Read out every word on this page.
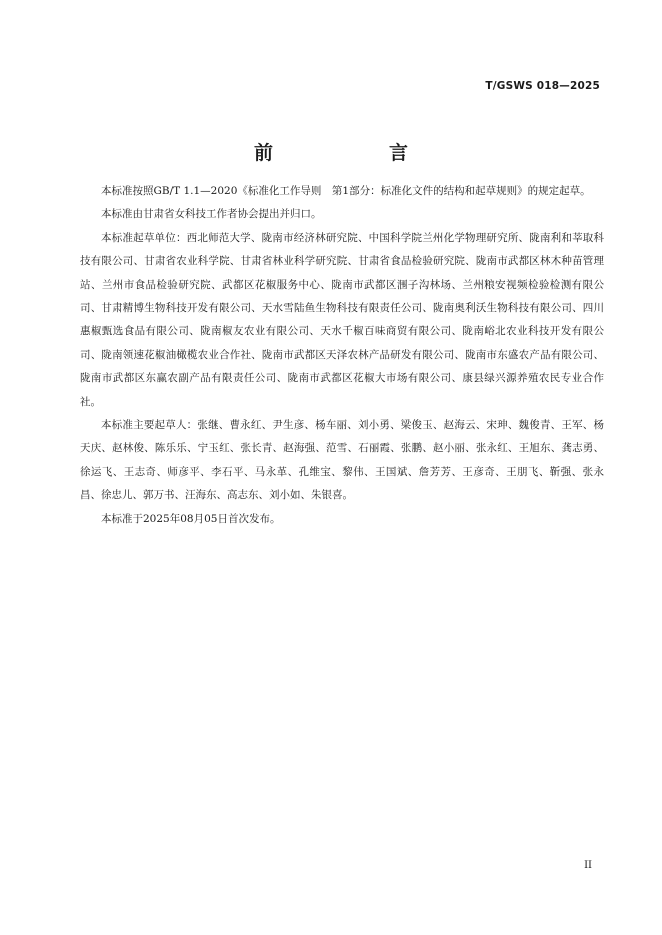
T/GSWS 018—2025
前　　言

本标准按照GB/T 1.1—2020《标准化工作导则　第1部分：标准化文件的结构和起草规则》的规定起草。

本标准由甘肃省女科技工作者协会提出并归口。

本标准起草单位：西北师范大学、陇南市经济林研究院、中国科学院兰州化学物理研究所、陇南利和莘取科技有限公司、甘肃省农业科学院、甘肃省林业科学研究院、甘肃省食品检验研究院、陇南市武都区林木种苗管理站、兰州市食品检验研究院、武都区花椒服务中心、陇南市武都区涠子沟林场、兰州粮安视频检验检测有限公司、甘肃精博生物科技开发有限公司、天水雪陆鱼生物科技有限责任公司、陇南奥利沃生物科技有限公司、四川惠椒甄选食品有限公司、陇南椒友农业有限公司、天水千椒百味商贸有限公司、陇南峪北农业科技开发有限公司、陇南领速花椒油橄榄农业合作社、陇南市武都区天泽农林产品研发有限公司、陇南市东盛农产品有限公司、陇南市武都区东赢农副产品有限责任公司、陇南市武都区花椒大市场有限公司、康县绿兴源养殖农民专业合作社。

本标准主要起草人：张继、曹永红、尹生彦、杨车丽、刘小勇、梁俊玉、赵海云、宋珅、魏俊青、王军、杨天庆、赵林俊、陈乐乐、宁玉红、张长青、赵海强、范雪、石丽霞、张鹏、赵小丽、张永红、王旭东、龚志勇、徐运飞、王志奇、师彦平、李石平、马永革、孔维宝、黎伟、王国斌、詹芳芳、王彦奇、王朋飞、靳强、张永昌、徐忠儿、郭万书、汪海东、高志东、刘小如、朱银喜。

本标准于2025年08月05日首次发布。

II
